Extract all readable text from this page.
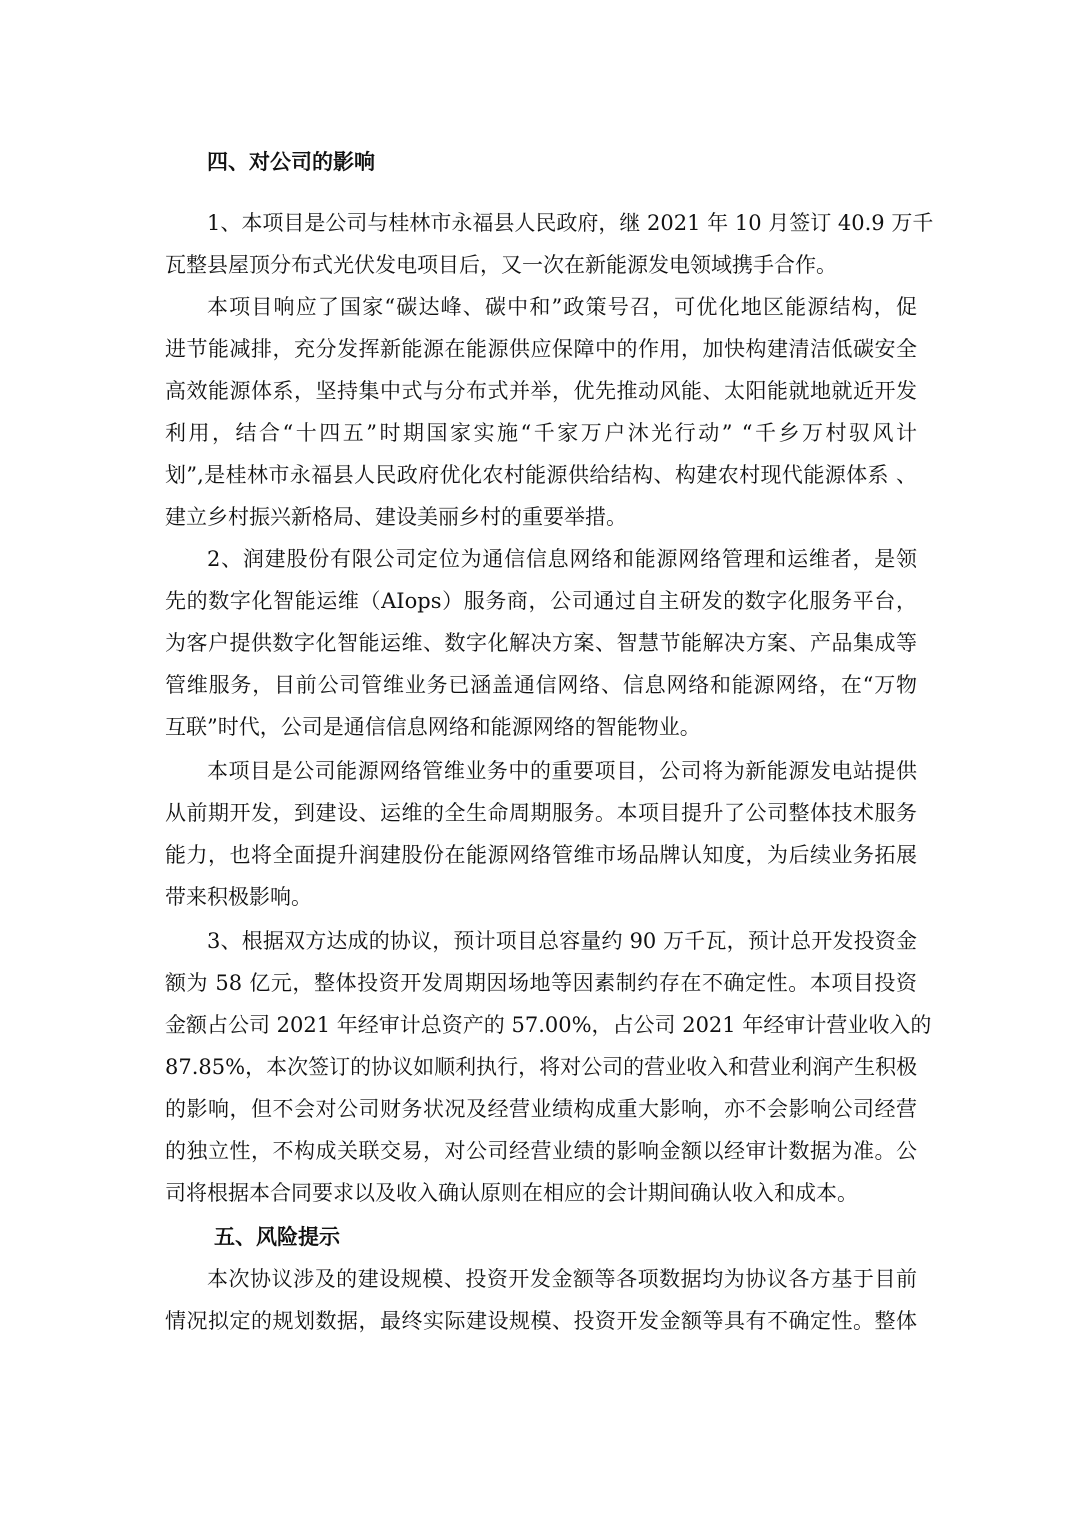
四、对公司的影响
1、本项目是公司与桂林市永福县人民政府，继 2021 年 10 月签订 40.9 万千
瓦整县屋顶分布式光伏发电项目后，又一次在新能源发电领域携手合作。
本项目响应了国家“碳达峰、碳中和”政策号召，可优化地区能源结构，促
进节能减排，充分发挥新能源在能源供应保障中的作用，加快构建清洁低碳安全
高效能源体系，坚持集中式与分布式并举，优先推动风能、太阳能就地就近开发
利用，结合“十四五”时期国家实施“千家万户沐光行动” “千乡万村驭风计
划”,是桂林市永福县人民政府优化农村能源供给结构、构建农村现代能源体系 、
建立乡村振兴新格局、建设美丽乡村的重要举措。
2、润建股份有限公司定位为通信信息网络和能源网络管理和运维者，是领
先的数字化智能运维（AIops）服务商，公司通过自主研发的数字化服务平台，
为客户提供数字化智能运维、数字化解决方案、智慧节能解决方案、产品集成等
管维服务，目前公司管维业务已涵盖通信网络、信息网络和能源网络，在“万物
互联”时代，公司是通信信息网络和能源网络的智能物业。
本项目是公司能源网络管维业务中的重要项目，公司将为新能源发电站提供
从前期开发，到建设、运维的全生命周期服务。本项目提升了公司整体技术服务
能力，也将全面提升润建股份在能源网络管维市场品牌认知度，为后续业务拓展
带来积极影响。
3、根据双方达成的协议，预计项目总容量约 90 万千瓦，预计总开发投资金
额为 58 亿元，整体投资开发周期因场地等因素制约存在不确定性。本项目投资
金额占公司 2021 年经审计总资产的 57.00%，占公司 2021 年经审计营业收入的
87.85%，本次签订的协议如顺利执行，将对公司的营业收入和营业利润产生积极
的影响，但不会对公司财务状况及经营业绩构成重大影响，亦不会影响公司经营
的独立性，不构成关联交易，对公司经营业绩的影响金额以经审计数据为准。公
司将根据本合同要求以及收入确认原则在相应的会计期间确认收入和成本。
五、风险提示
本次协议涉及的建设规模、投资开发金额等各项数据均为协议各方基于目前
情况拟定的规划数据，最终实际建设规模、投资开发金额等具有不确定性。整体
